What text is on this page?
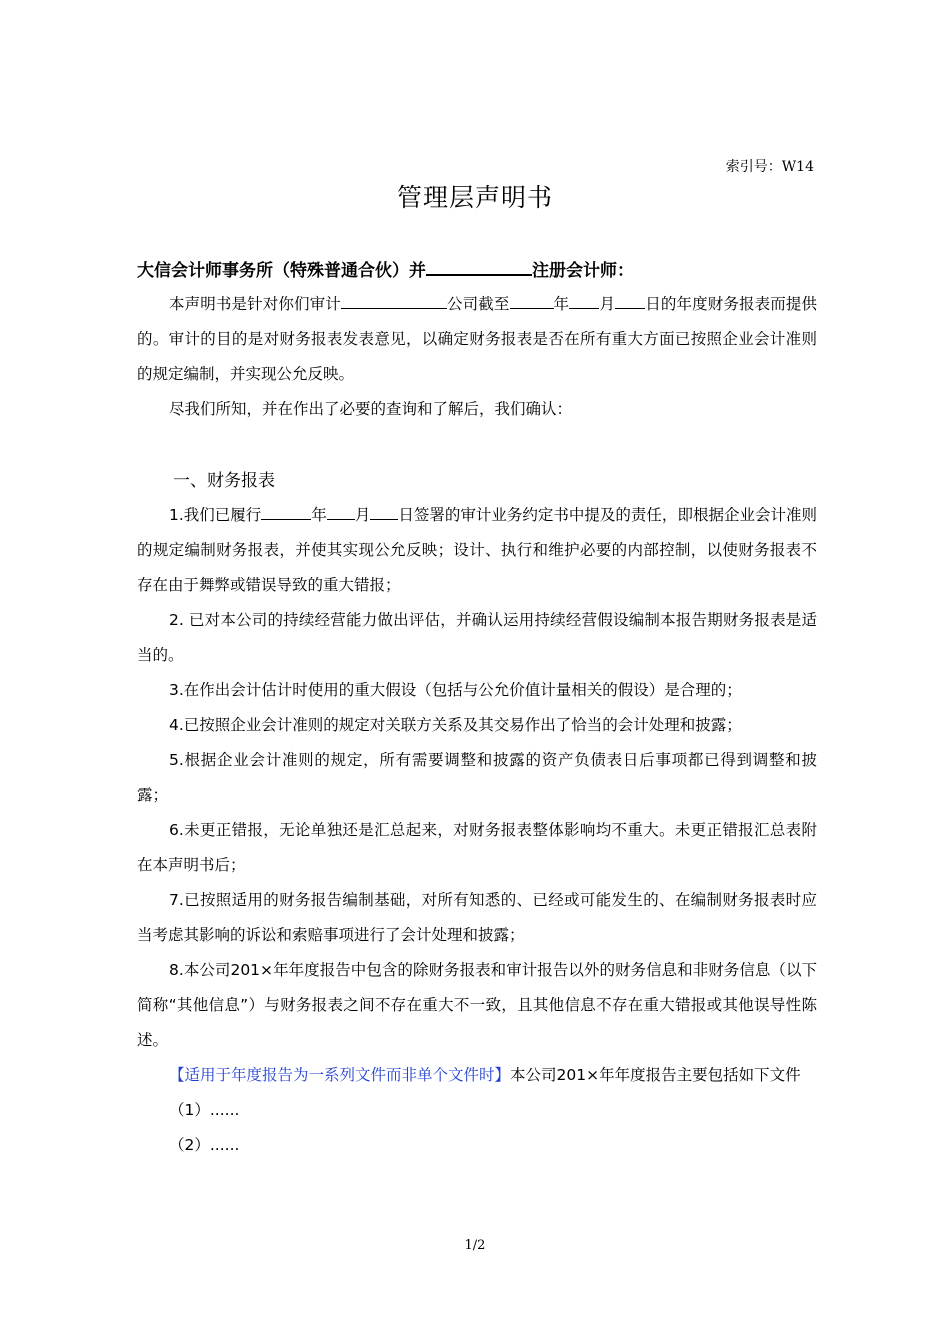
索引号：W14
管理层声明书
大信会计师事务所（特殊普通合伙）并	注册会计师：

本声明书是针对你们审计	公司截至	年 月 日的年度财务报表而提供的。审计的目的是对财务报表发表意见，以确定财务报表是否在所有重大方面已按照企业会计准则的规定编制，并实现公允反映。

尽我们所知，并在作出了必要的查询和了解后，我们确认：

一、财务报表

1.我们已履行	年 月 日签署的审计业务约定书中提及的责任，即根据企业会计准则的规定编制财务报表，并使其实现公允反映；设计、执行和维护必要的内部控制，以使财务报表不存在由于舞弊或错误导致的重大错报；

2. 已对本公司的持续经营能力做出评估，并确认运用持续经营假设编制本报告期财务报表是适当的。

3.在作出会计估计时使用的重大假设（包括与公允价值计量相关的假设）是合理的；

4.已按照企业会计准则的规定对关联方关系及其交易作出了恰当的会计处理和披露；

5.根据企业会计准则的规定，所有需要调整和披露的资产负债表日后事项都已得到调整和披露；

6.未更正错报，无论单独还是汇总起来，对财务报表整体影响均不重大。未更正错报汇总表附在本声明书后；

7.已按照适用的财务报告编制基础，对所有知悉的、已经或可能发生的、在编制财务报表时应当考虑其影响的诉讼和索赔事项进行了会计处理和披露；

8.本公司201×年年度报告中包含的除财务报表和审计报告以外的财务信息和非财务信息（以下简称“其他信息”）与财务报表之间不存在重大不一致，且其他信息不存在重大错报或其他误导性陈述。

【适用于年度报告为一系列文件而非单个文件时】本公司201×年年度报告主要包括如下文件

（1）......

（2）......

1/2
